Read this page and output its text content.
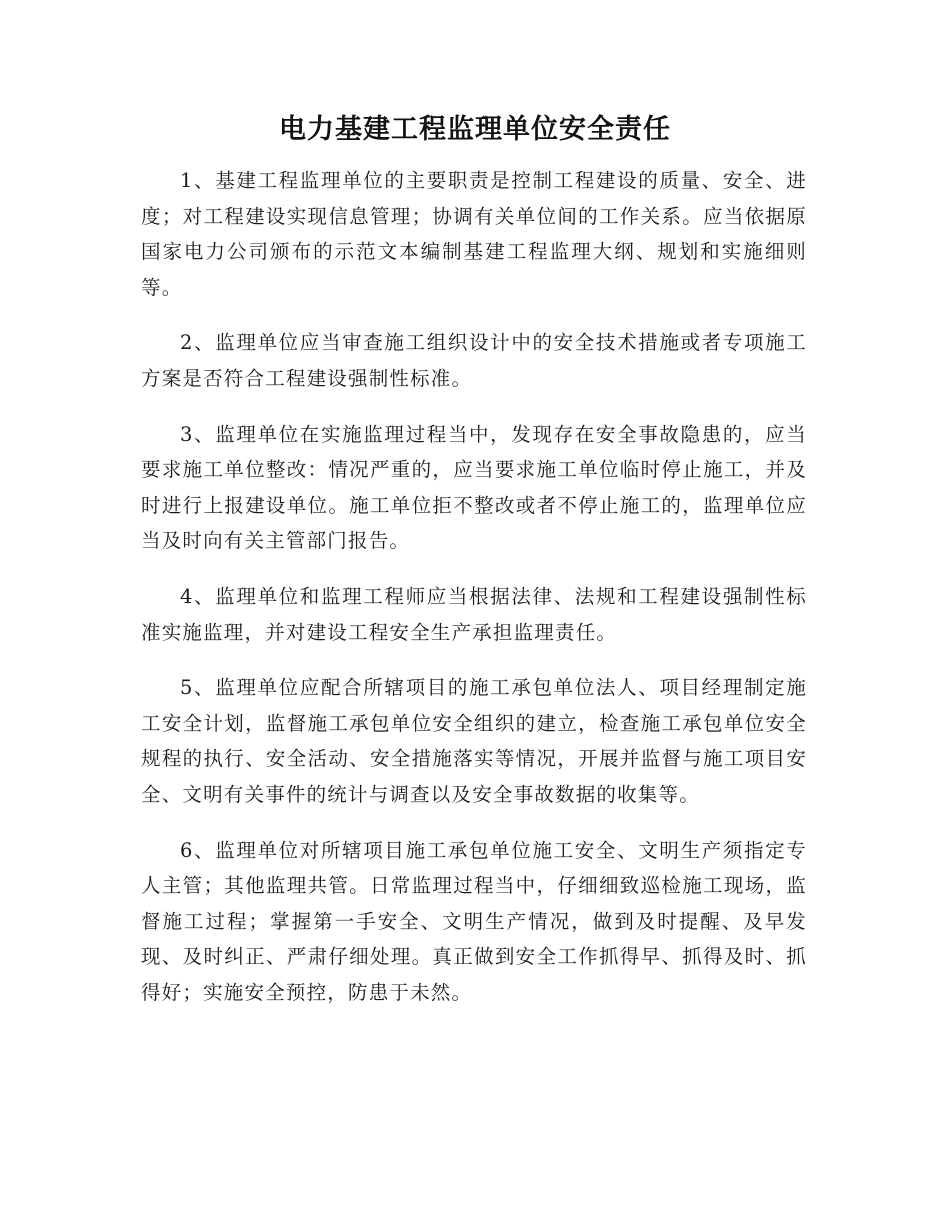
电力基建工程监理单位安全责任

1、基建工程监理单位的主要职责是控制工程建设的质量、安全、进度；对工程建设实现信息管理；协调有关单位间的工作关系。应当依据原国家电力公司颁布的示范文本编制基建工程监理大纲、规划和实施细则等。

2、监理单位应当审查施工组织设计中的安全技术措施或者专项施工方案是否符合工程建设强制性标准。

3、监理单位在实施监理过程当中，发现存在安全事故隐患的，应当要求施工单位整改：情况严重的，应当要求施工单位临时停止施工，并及时进行上报建设单位。施工单位拒不整改或者不停止施工的，监理单位应当及时向有关主管部门报告。

4、监理单位和监理工程师应当根据法律、法规和工程建设强制性标准实施监理，并对建设工程安全生产承担监理责任。

5、监理单位应配合所辖项目的施工承包单位法人、项目经理制定施工安全计划，监督施工承包单位安全组织的建立，检查施工承包单位安全规程的执行、安全活动、安全措施落实等情况，开展并监督与施工项目安全、文明有关事件的统计与调查以及安全事故数据的收集等。

6、监理单位对所辖项目施工承包单位施工安全、文明生产须指定专人主管；其他监理共管。日常监理过程当中，仔细细致巡检施工现场，监督施工过程；掌握第一手安全、文明生产情况，做到及时提醒、及早发现、及时纠正、严肃仔细处理。真正做到安全工作抓得早、抓得及时、抓得好；实施安全预控，防患于未然。
